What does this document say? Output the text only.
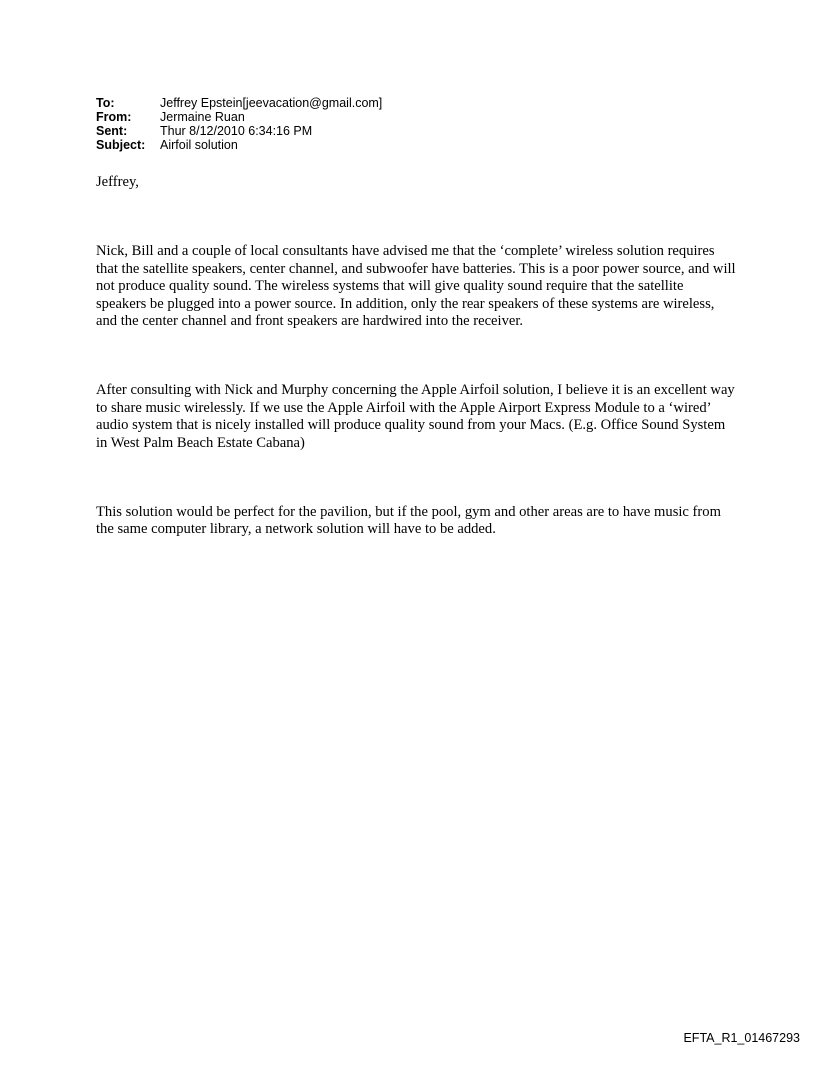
To:	Jeffrey Epstein[jeevacation@gmail.com]
From:	Jermaine Ruan
Sent:	Thur 8/12/2010 6:34:16 PM
Subject:	Airfoil solution

Jeffrey,

Nick, Bill and a couple of local consultants have advised me that the ‘complete’ wireless solution requires that the satellite speakers, center channel, and subwoofer have batteries. This is a poor power source, and will not produce quality sound. The wireless systems that will give quality sound require that the satellite speakers be plugged into a power source. In addition, only the rear speakers of these systems are wireless, and the center channel and front speakers are hardwired into the receiver.

After consulting with Nick and Murphy concerning the Apple Airfoil solution, I believe it is an excellent way to share music wirelessly. If we use the Apple Airfoil with the Apple Airport Express Module to a ‘wired’ audio system that is nicely installed will produce quality sound from your Macs. (E.g. Office Sound System in West Palm Beach Estate Cabana)

This solution would be perfect for the pavilion, but if the pool, gym and other areas are to have music from the same computer library, a network solution will have to be added.

EFTA_R1_01467293
